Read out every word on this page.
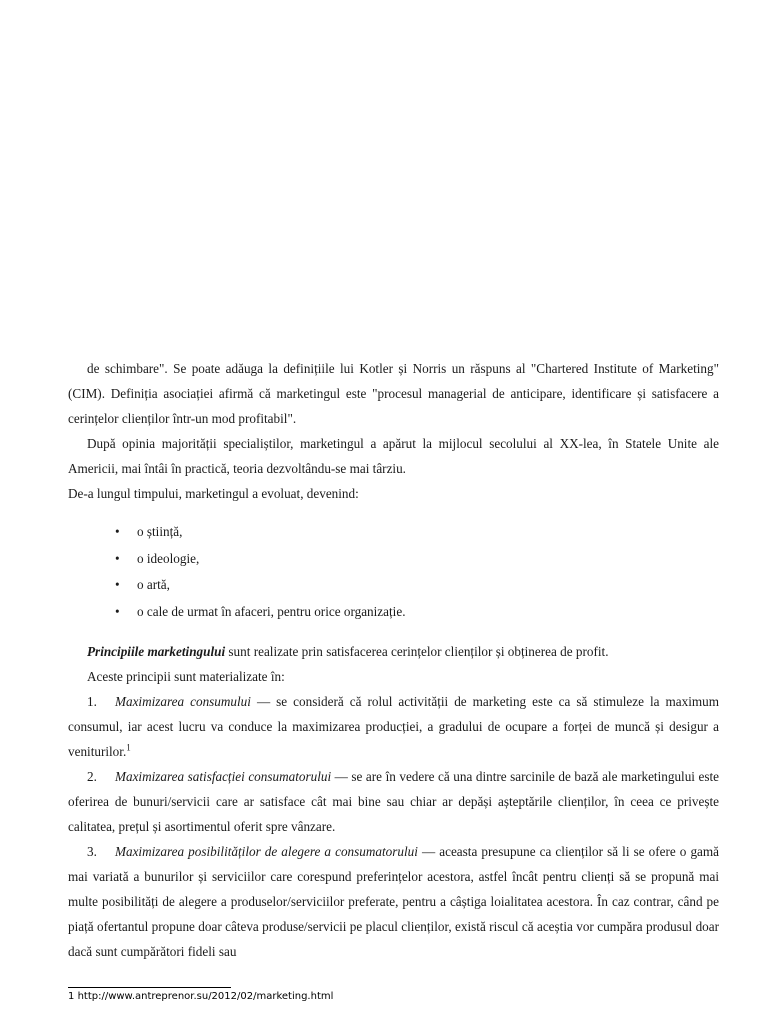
de schimbare". Se poate adăuga la definițiile lui Kotler și Norris un răspuns al "Chartered Institute of Marketing" (CIM). Definiția asociației afirmă că marketingul este "procesul managerial de anticipare, identificare și satisfacere a cerințelor clienților într-un mod profitabil".

După opinia majorității specialiștilor, marketingul a apărut la mijlocul secolului al XX-lea, în Statele Unite ale Americii, mai întâi în practică, teoria dezvoltându-se mai târziu.

De-a lungul timpului, marketingul a evoluat, devenind:

• o știință,
• o ideologie,
• o artă,
• o cale de urmat în afaceri, pentru orice organizație.

Principiile marketingului sunt realizate prin satisfacerea cerințelor clienților și obținerea de profit.

Aceste principii sunt materializate în:

1. Maximizarea consumului — se consideră că rolul activității de marketing este ca să stimuleze la maximum consumul, iar acest lucru va conduce la maximizarea producției, a gradului de ocupare a forței de muncă și desigur a veniturilor.$^1$

2. Maximizarea satisfacției consumatorului — se are în vedere că una dintre sarcinile de bază ale marketingului este oferirea de bunuri/servicii care ar satisface cât mai bine sau chiar ar depăși așteptările clienților, în ceea ce privește calitatea, prețul și asortimentul oferit spre vânzare.

3. Maximizarea posibilităților de alegere a consumatorului — aceasta presupune ca clienților să li se ofere o gamă mai variată a bunurilor și serviciilor care corespund preferințelor acestora, astfel încât pentru clienți să se propună mai multe posibilități de alegere a produselor/serviciilor preferate, pentru a câștiga loialitatea acestora. În caz contrar, când pe piață ofertantul propune doar câteva produse/servicii pe placul clienților, există riscul că aceștia vor cumpăra produsul doar dacă sunt cumpărători fideli sau

1 http://www.antreprenor.su/2012/02/marketing.html
